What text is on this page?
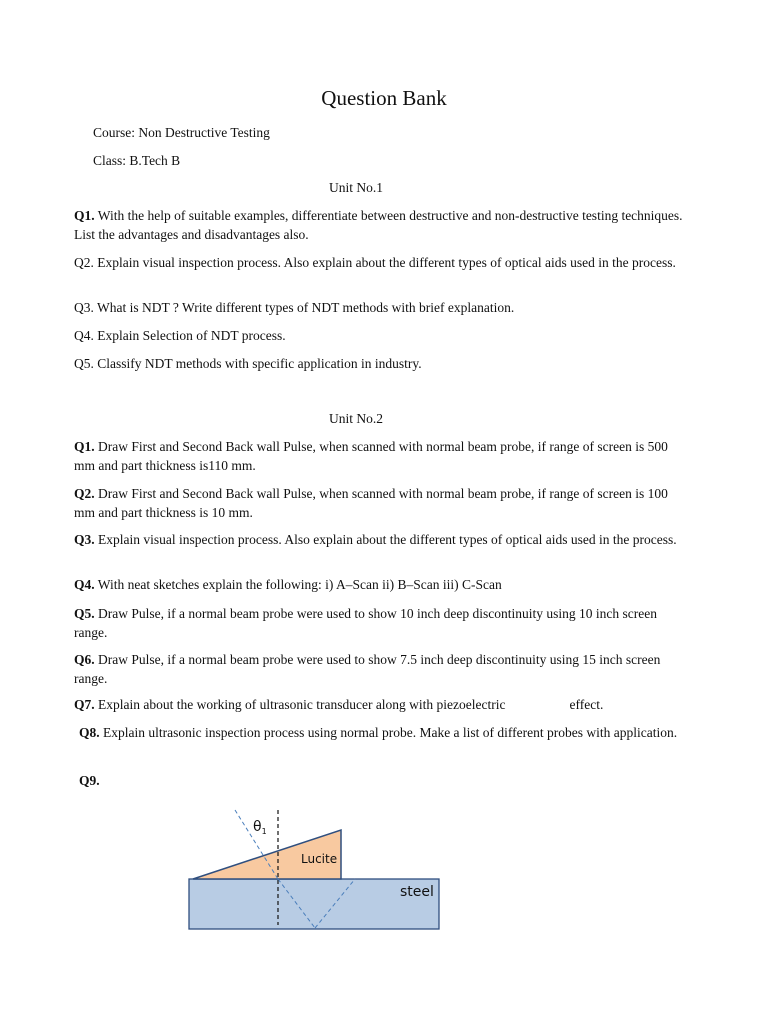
Question Bank
Course: Non Destructive Testing
Class: B.Tech B
Unit No.1
Q1. With the help of suitable examples, differentiate between destructive and non-destructive testing techniques. List the advantages and disadvantages also.
Q2. Explain visual inspection process. Also explain about the different types of optical aids used in the process.
Q3. What is NDT ? Write different types of NDT methods with brief explanation.
Q4. Explain Selection of NDT process.
Q5. Classify NDT methods with specific application in industry.
Unit No.2
Q1. Draw First and Second Back wall Pulse, when scanned with normal beam probe, if range of screen is 500 mm and part thickness is110 mm.
Q2. Draw First and Second Back wall Pulse, when scanned with normal beam probe, if range of screen is 100 mm and part thickness is 10 mm.
Q3. Explain visual inspection process. Also explain about the different types of optical aids used in the process.
Q4. With neat sketches explain the following: i) A–Scan ii) B–Scan iii) C-Scan
Q5. Draw Pulse, if a normal beam probe were used to show 10 inch deep discontinuity using 10 inch screen range.
Q6. Draw Pulse, if a normal beam probe were used to show 7.5 inch deep discontinuity using 15 inch screen range.
Q7. Explain about the working of ultrasonic transducer along with piezoelectric	effect.
Q8. Explain ultrasonic inspection process using normal probe. Make a list of different probes with application.
Q9.
$\theta_1$
Lucite
steel
